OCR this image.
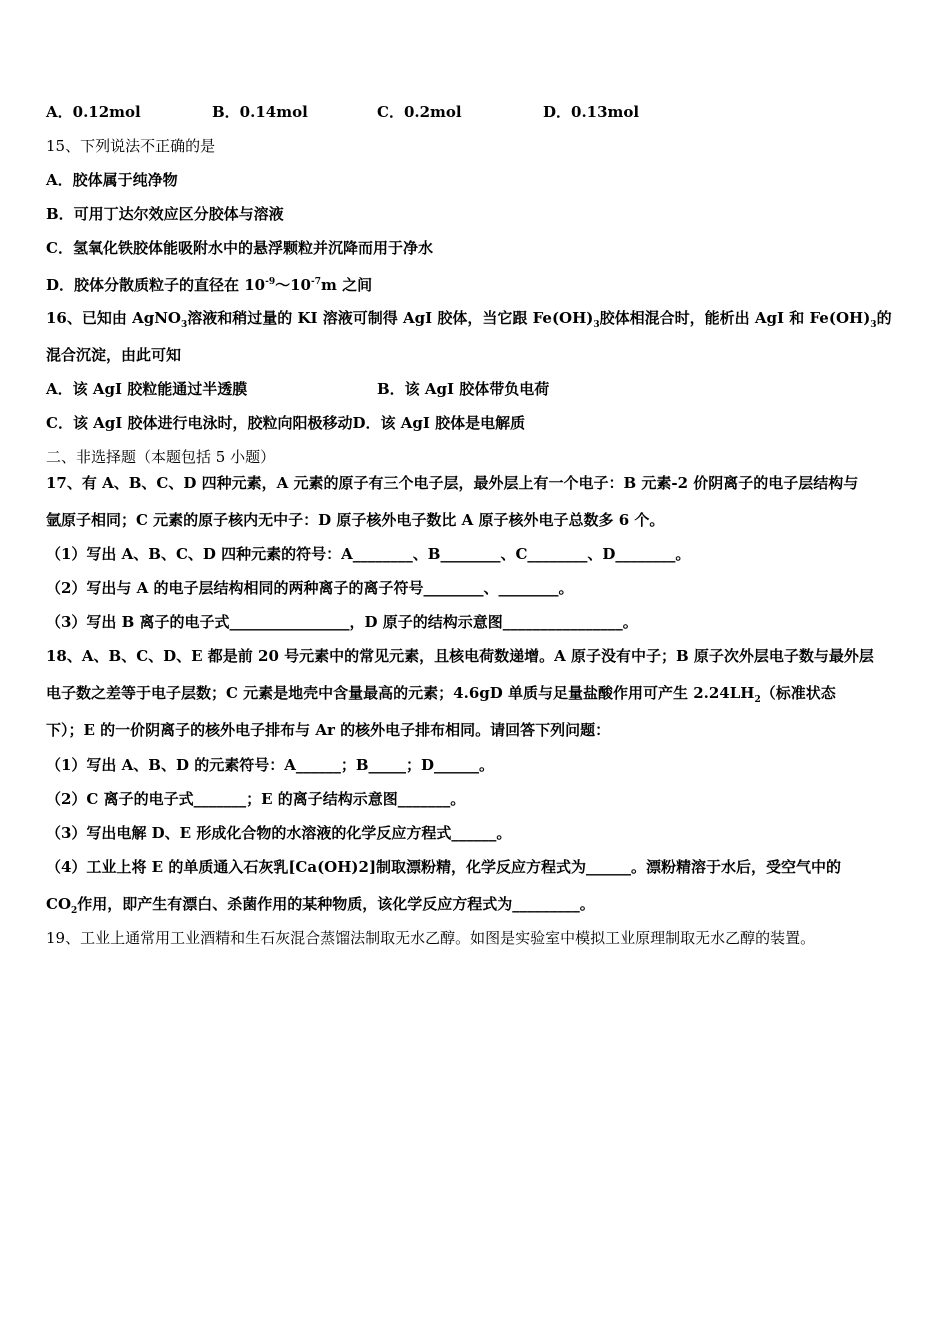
A．0.12mol	B．0.14mol	C．0.2mol	D．0.13mol
15、下列说法不正确的是
A．胶体属于纯净物
B．可用丁达尔效应区分胶体与溶液
C．氢氧化铁胶体能吸附水中的悬浮颗粒并沉降而用于净水
D．胶体分散质粒子的直径在 $10^{-9}\sim 10^{-7}m$ 之间
16、已知由 AgNO$_3$溶液和稍过量的 KI 溶液可制得 AgI 胶体，当它跟 $Fe(OH)_3$胶体相混合时，能析出 AgI 和 $Fe(OH)_3$的
混合沉淀，由此可知
A．该 AgI 胶粒能通过半透膜	B．该 AgI 胶体带负电荷
C．该 AgI 胶体进行电泳时，胶粒向阳极移动D．该 AgI 胶体是电解质
二、非选择题（本题包括 5 小题）
17、有 A、B、C、D 四种元素，A 元素的原子有三个电子层，最外层上有一个电子：B 元素-2 价阴离子的电子层结构与
氩原子相同；C 元素的原子核内无中子：D 原子核外电子数比 A 原子核外电子总数多 6 个。
（1）写出 A、B、C、D 四种元素的符号：A________、B________、C________、D________。
（2）写出与 A 的电子层结构相同的两种离子的离子符号________、________。
（3）写出 B 离子的电子式________________，D 原子的结构示意图________________。
18、A、B、C、D、E 都是前 20 号元素中的常见元素，且核电荷数递增。A 原子没有中子；B 原子次外层电子数与最外层
电子数之差等于电子层数；C 元素是地壳中含量最高的元素；4.6gD 单质与足量盐酸作用可产生 $2.24LH_2$（标准状态
下）；E 的一价阴离子的核外电子排布与 Ar 的核外电子排布相同。请回答下列问题：
（1）写出 A、B、D 的元素符号：A______；B_____；D______。
（2）C 离子的电子式_______；E 的离子结构示意图_______。
（3）写出电解 D、E 形成化合物的水溶液的化学反应方程式______。
（4）工业上将 E 的单质通入石灰乳[Ca(OH)2]制取漂粉精，化学反应方程式为______。漂粉精溶于水后，受空气中的
$CO_2$作用，即产生有漂白、杀菌作用的某种物质，该化学反应方程式为_________。
19、工业上通常用工业酒精和生石灰混合蒸馏法制取无水乙醇。如图是实验室中模拟工业原理制取无水乙醇的装置。
